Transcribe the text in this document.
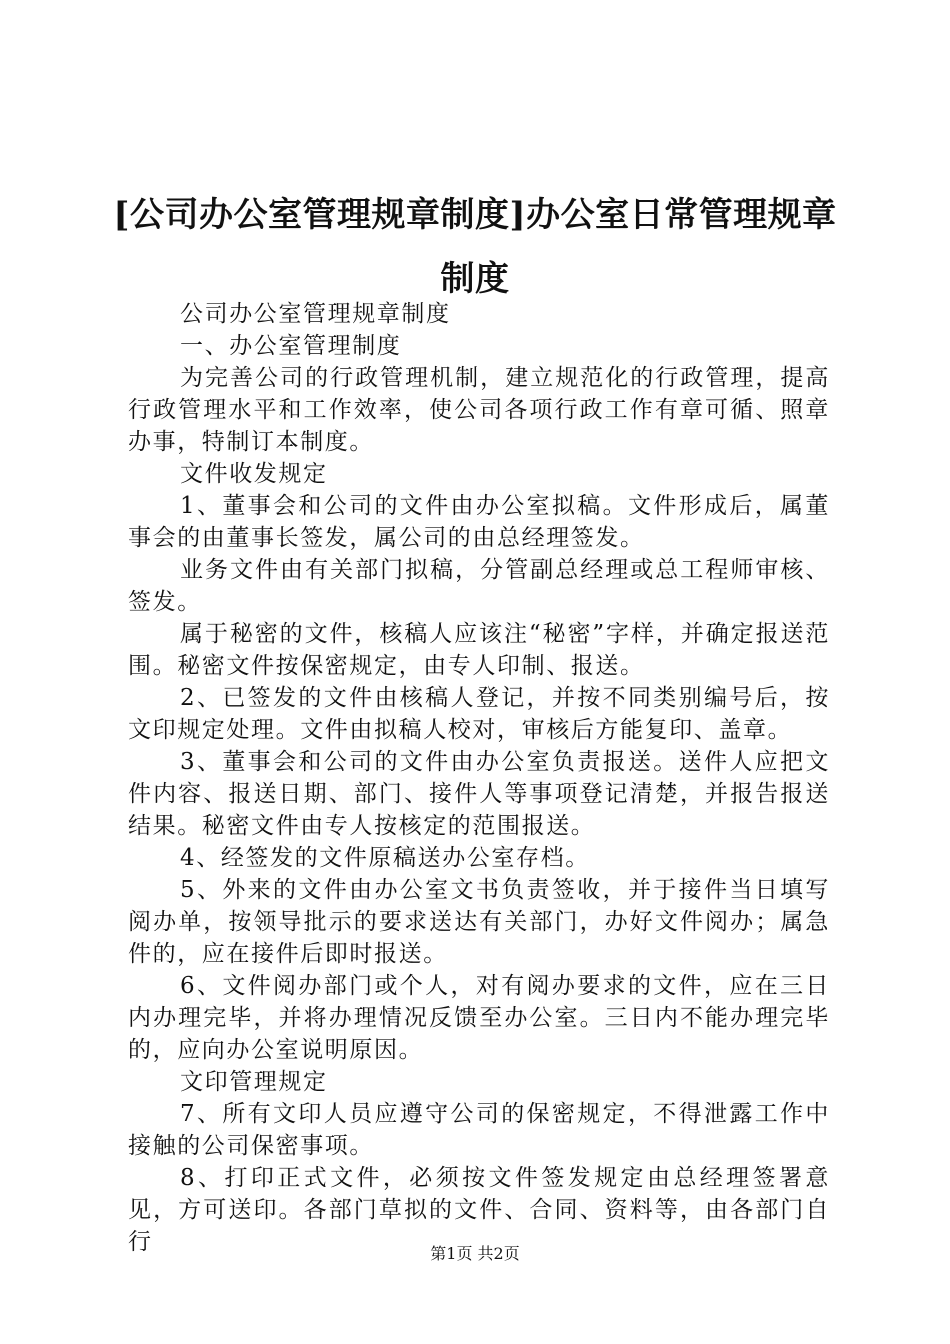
[公司办公室管理规章制度]办公室日常管理规章制度

公司办公室管理规章制度

一、办公室管理制度

为完善公司的行政管理机制，建立规范化的行政管理，提高行政管理水平和工作效率，使公司各项行政工作有章可循、照章办事，特制订本制度。

文件收发规定

1、董事会和公司的文件由办公室拟稿。文件形成后，属董事会的由董事长签发，属公司的由总经理签发。

业务文件由有关部门拟稿，分管副总经理或总工程师审核、签发。

属于秘密的文件，核稿人应该注“秘密”字样，并确定报送范围。秘密文件按保密规定，由专人印制、报送。

2、已签发的文件由核稿人登记，并按不同类别编号后，按文印规定处理。文件由拟稿人校对，审核后方能复印、盖章。

3、董事会和公司的文件由办公室负责报送。送件人应把文件内容、报送日期、部门、接件人等事项登记清楚，并报告报送结果。秘密文件由专人按核定的范围报送。

4、经签发的文件原稿送办公室存档。

5、外来的文件由办公室文书负责签收，并于接件当日填写阅办单，按领导批示的要求送达有关部门，办好文件阅办；属急件的，应在接件后即时报送。

6、文件阅办部门或个人，对有阅办要求的文件，应在三日内办理完毕，并将办理情况反馈至办公室。三日内不能办理完毕的，应向办公室说明原因。

文印管理规定

7、所有文印人员应遵守公司的保密规定，不得泄露工作中接触的公司保密事项。

8、打印正式文件，必须按文件签发规定由总经理签署意见，方可送印。各部门草拟的文件、合同、资料等，由各部门自行	第1页 共2页
